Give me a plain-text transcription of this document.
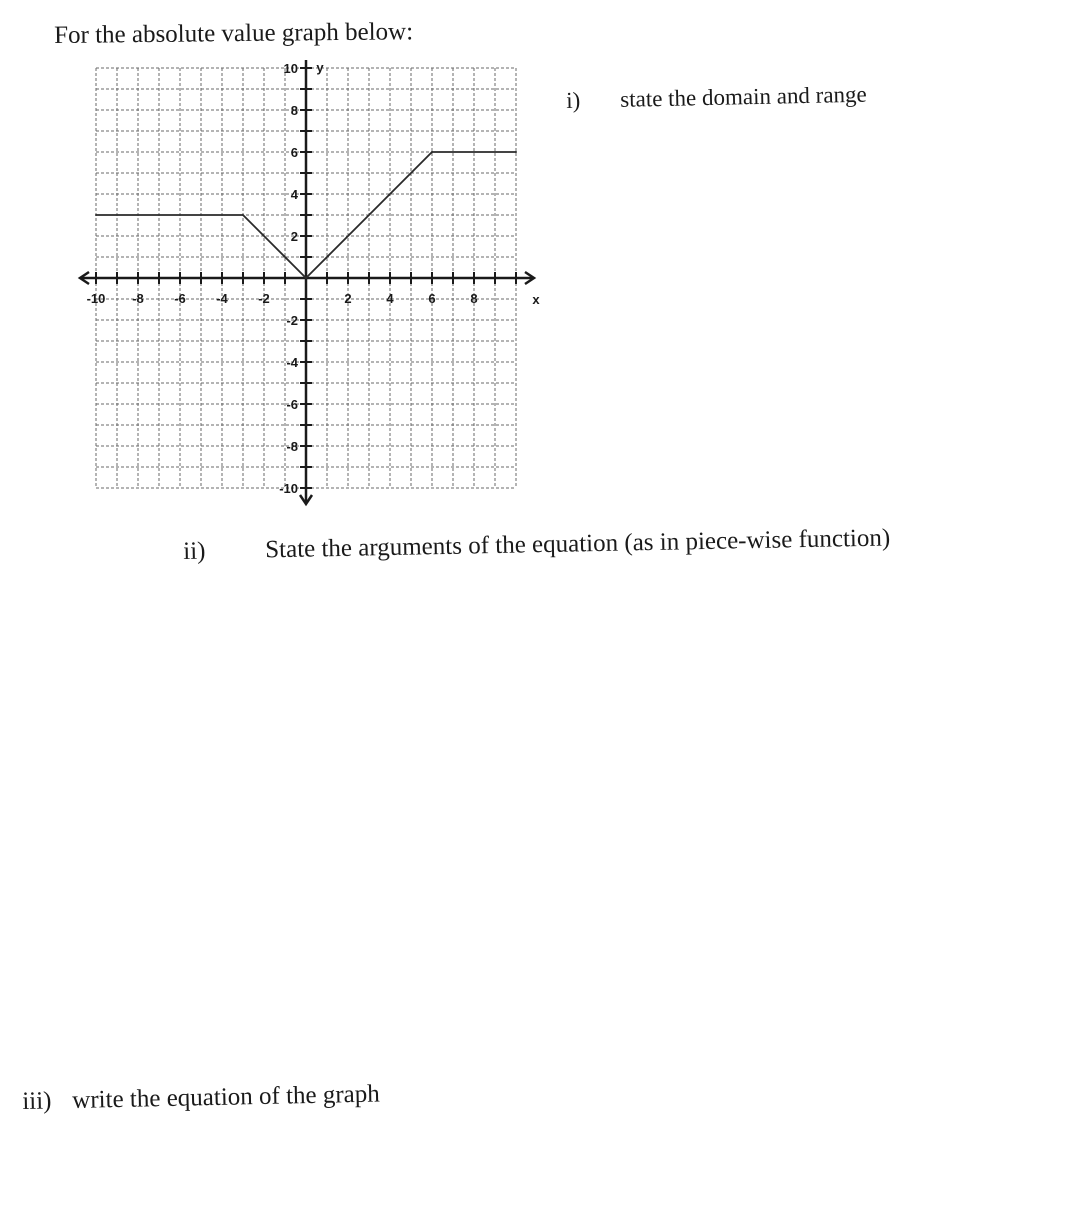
For the absolute value graph below:
i) state the domain and range
-10 -8 -6 -4 -2	2	4	6	8
10
8
6
4
2
-2
-4
-6
-8
-10
x
y
ii) State the arguments of the equation (as in piece-wise function)
iii) write the equation of the graph
